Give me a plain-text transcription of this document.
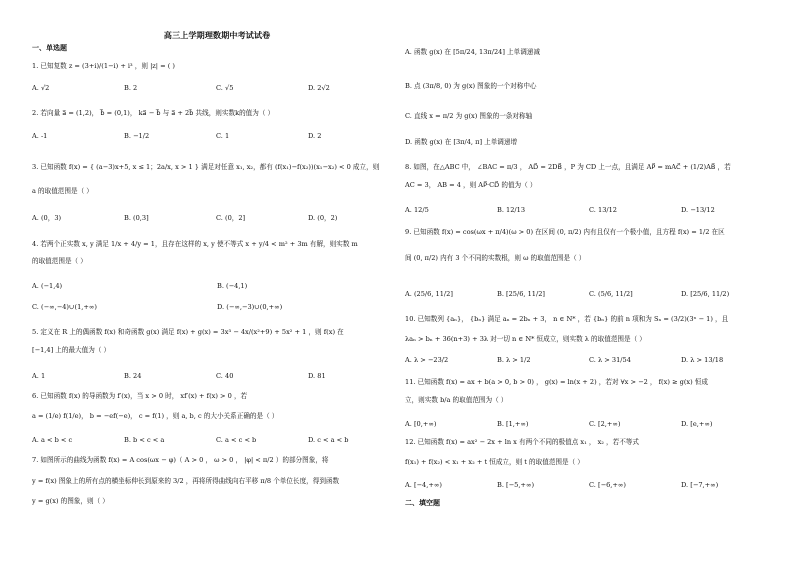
高三上学期理数期中考试试卷
一、单选题
1. 已知复数 z = (3+i)/(1−i) + i³ ，则 |z| = ( )
A. √2	B. 2	C. √5	D. 2√2
2. 若向量 a⃗ = (1,2)， b⃗ = (0,1)， ka⃗ − b⃗ 与 a⃗ + 2b⃗ 共线，则实数k的值为（ ）
A. -1	B. −1/2	C. 1	D. 2
3. 已知函数 f(x) = { (a−3)x+5, x ≤ 1；2a/x, x > 1 } 满足对任意 x₁, x₂，都有 (f(x₁)−f(x₂))(x₁−x₂) < 0 成立，则
a 的取值范围是（ ）
A. (0，3)	B. (0,3]	C. (0，2]	D. (0，2)
4. 若两个正实数 x, y 满足 1/x + 4/y = 1，且存在这样的 x, y 使不等式 x + y/4 < m² + 3m 有解，则实数 m
的取值范围是（ ）
A. (−1,4)	B. (−4,1)
C. (−∞,−4)∪(1,+∞)	D. (−∞,−3)∪(0,+∞)
5. 定义在 R 上的偶函数 f(x) 和奇函数 g(x) 满足 f(x) + g(x) = 3x³ − 4x/(x²+9) + 5x² + 1 ，则 f(x) 在
[−1,4] 上的最大值为（ ）
A. 1	B. 24	C. 40	D. 81
6. 已知函数 f(x) 的导函数为 f′(x)，当 x > 0 时， xf′(x) + f(x) > 0 ，若
a = (1/e) f(1/e)， b = −ef(−e)， c = f(1) ，则 a, b, c 的大小关系正确的是（ ）
A. a < b < c	B. b < c < a	C. a < c < b	D. c < a < b
7. 如图所示的曲线为函数 f(x) = A cos(ωx − φ)（ A > 0 ， ω > 0 ， |φ| < π/2 ）的部分图象，将
y = f(x) 图象上的所有点的横坐标伸长到原来的 3/2 ，再将所得曲线向右平移 π/8 个单位长度，得到函数
y = g(x) 的图象，则（ ）
A. 函数 g(x) 在 [5π/24, 13π/24] 上单调递减
B. 点 (3π/8, 0) 为 g(x) 图象的一个对称中心
C. 直线 x = π/2 为 g(x) 图象的一条对称轴
D. 函数 g(x) 在 [3π/4, π] 上单调递增
8. 如图，在△ABC 中， ∠BAC = π/3 ， AD⃗ = 2DB⃗ ，P 为 CD 上一点，且满足 AP⃗ = mAC⃗ + (1/2)AB⃗ ，若
AC = 3， AB = 4 ，则 AP⃗·CD⃗ 的值为（ ）
A. 12/5	B. 12/13	C. 13/12	D. −13/12
9. 已知函数 f(x) = cos(ωx + π/4)(ω > 0) 在区间 (0, π/2) 内有且仅有一个极小值，且方程 f(x) = 1/2 在区
间 (0, π/2) 内有 3 个不同的实数根，则 ω 的取值范围是（ ）
A. (25/6, 11/2]	B. [25/6, 11/2]	C. (5/6, 11/2]	D. [25/6, 11/2)
10. 已知数列 {aₙ}， {bₙ} 满足 aₙ = 2bₙ + 3， n ∈ N* ，若 {bₙ} 的前 n 项和为 Sₙ = (3/2)(3ⁿ − 1) ，且
λaₙ > bₙ + 36(n+3) + 3λ 对一切 n ∈ N* 恒成立，则实数 λ 的取值范围是（ ）
A. λ > −23/2	B. λ > 1/2	C. λ > 31/54	D. λ > 13/18
11. 已知函数 f(x) = ax + b(a > 0, b > 0) ， g(x) = ln(x + 2) ，若对 ∀x > −2 ， f(x) ≥ g(x) 恒成
立，则实数 b/a 的取值范围为（ ）
A. [0,+∞)	B. [1,+∞)	C. [2,+∞)	D. [e,+∞)
12. 已知函数 f(x) = ax² − 2x + ln x 有两个不同的极值点 x₁ ， x₂ ，若不等式
f(x₁) + f(x₂) < x₁ + x₂ + t 恒成立，则 t 的取值范围是（ ）
A. [−4,+∞)	B. [−5,+∞)	C. [−6,+∞)	D. [−7,+∞)
二、填空题
